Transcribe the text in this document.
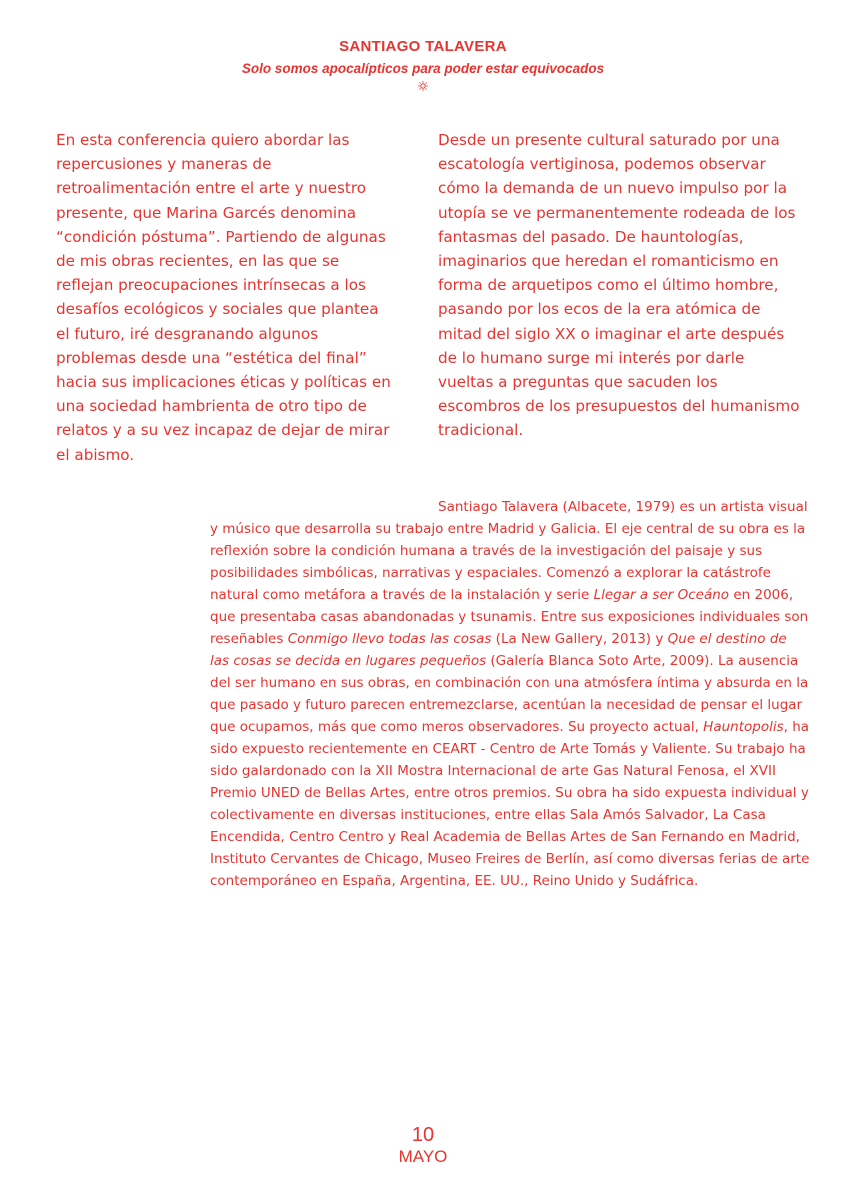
SANTIAGO TALAVERA
Solo somos apocalípticos para poder estar equivocados

En esta conferencia quiero abordar las repercusiones y maneras de retroalimentación entre el arte y nuestro presente, que Marina Garcés denomina “condición póstuma”. Partiendo de algunas de mis obras recientes, en las que se reflejan preocupaciones intrínsecas a los desafíos ecológicos y sociales que plantea el futuro, iré desgranando algunos problemas desde una “estética del final” hacia sus implicaciones éticas y políticas en una sociedad hambrienta de otro tipo de relatos y a su vez incapaz de dejar de mirar el abismo.

Desde un presente cultural saturado por una escatología vertiginosa, podemos observar cómo la demanda de un nuevo impulso por la utopía se ve permanentemente rodeada de los fantasmas del pasado. De hauntologías, imaginarios que heredan el romanticismo en forma de arquetipos como el último hombre, pasando por los ecos de la era atómica de mitad del siglo XX o imaginar el arte después de lo humano surge mi interés por darle vueltas a preguntas que sacuden los escombros de los presupuestos del humanismo tradicional.

Santiago Talavera (Albacete, 1979) es un artista visual y músico que desarrolla su trabajo entre Madrid y Galicia. El eje central de su obra es la reflexión sobre la condición humana a través de la investigación del paisaje y sus posibilidades simbólicas, narrativas y espaciales. Comenzó a explorar la catástrofe natural como metáfora a través de la instalación y serie Llegar a ser Oceáno en 2006, que presentaba casas abandonadas y tsunamis. Entre sus exposiciones individuales son reseñables Conmigo llevo todas las cosas (La New Gallery, 2013) y Que el destino de las cosas se decida en lugares pequeños (Galería Blanca Soto Arte, 2009). La ausencia del ser humano en sus obras, en combinación con una atmósfera íntima y absurda en la que pasado y futuro parecen entremezclarse, acentúan la necesidad de pensar el lugar que ocupamos, más que como meros observadores. Su proyecto actual, Hauntopolis, ha sido expuesto recientemente en CEART - Centro de Arte Tomás y Valiente. Su trabajo ha sido galardonado con la XII Mostra Internacional de arte Gas Natural Fenosa, el XVII Premio UNED de Bellas Artes, entre otros premios. Su obra ha sido expuesta individual y colectivamente en diversas instituciones, entre ellas Sala Amós Salvador, La Casa Encendida, Centro Centro y Real Academia de Bellas Artes de San Fernando en Madrid, Instituto Cervantes de Chicago, Museo Freires de Berlín, así como diversas ferias de arte contemporáneo en España, Argentina, EE. UU., Reino Unido y Sudáfrica.

10
MAYO
